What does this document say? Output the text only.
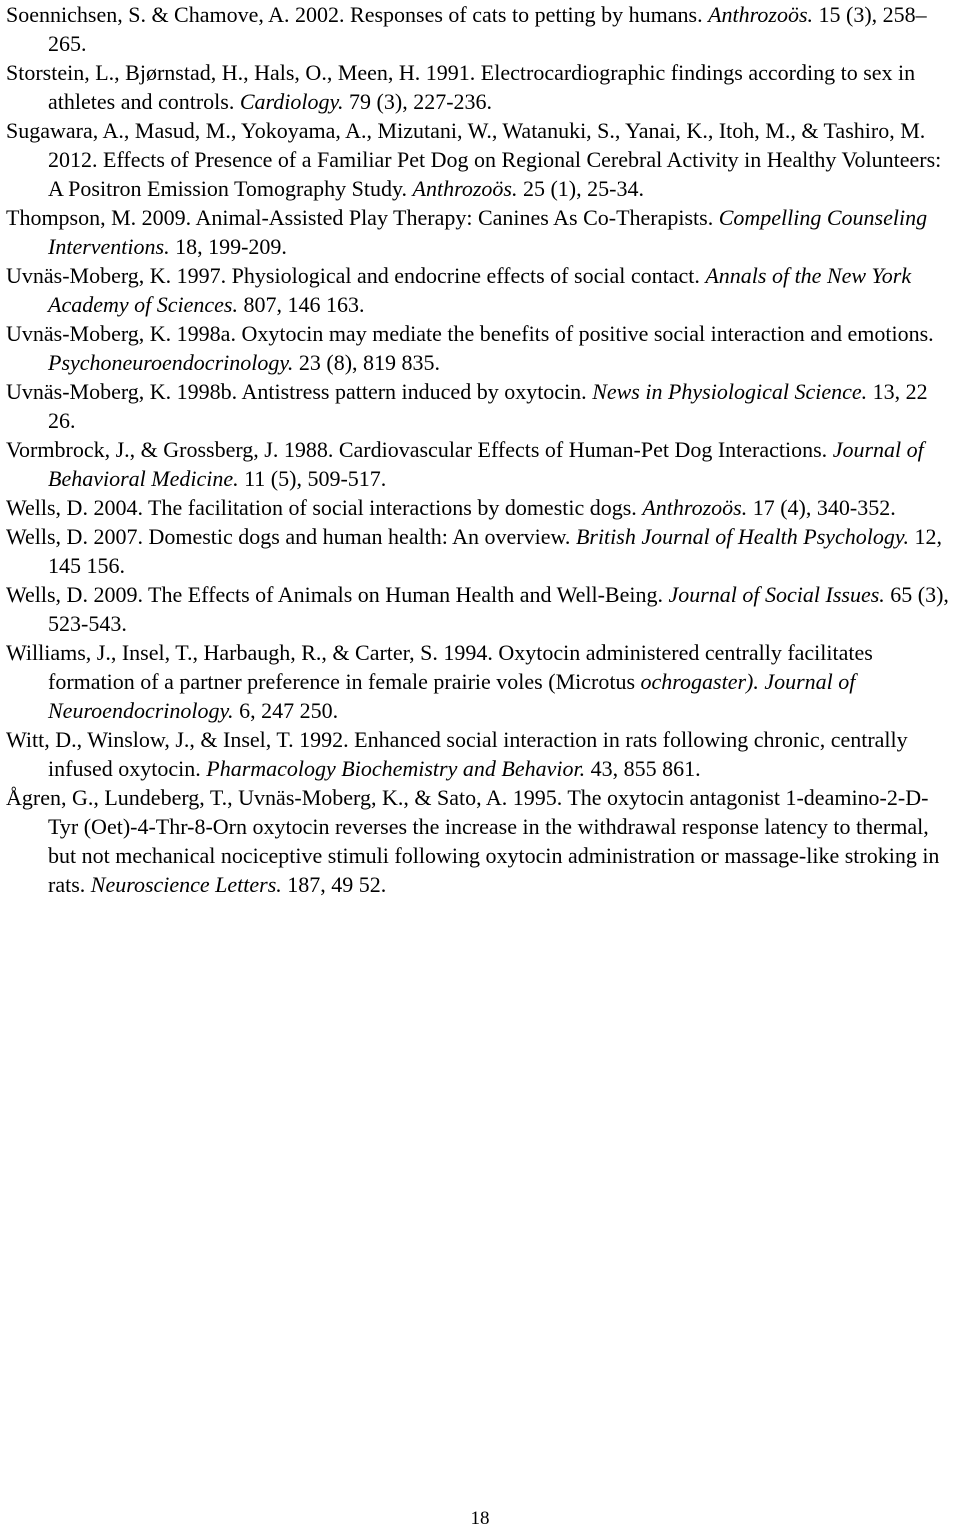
Soennichsen, S. & Chamove, A. 2002. Responses of cats to petting by humans. Anthrozoös. 15 (3), 258–265.

Storstein, L., Bjørnstad, H., Hals, O., Meen, H. 1991. Electrocardiographic findings according to sex in athletes and controls. Cardiology. 79 (3), 227-236.

Sugawara, A., Masud, M., Yokoyama, A., Mizutani, W., Watanuki, S., Yanai, K., Itoh, M., & Tashiro, M. 2012. Effects of Presence of a Familiar Pet Dog on Regional Cerebral Activity in Healthy Volunteers: A Positron Emission Tomography Study. Anthrozoös. 25 (1), 25-34.

Thompson, M. 2009. Animal-Assisted Play Therapy: Canines As Co-Therapists. Compelling Counseling Interventions. 18, 199-209.

Uvnäs-Moberg, K. 1997. Physiological and endocrine effects of social contact. Annals of the New York Academy of Sciences. 807, 146 163.

Uvnäs-Moberg, K. 1998a. Oxytocin may mediate the benefits of positive social interaction and emotions. Psychoneuroendocrinology. 23 (8), 819 835.

Uvnäs-Moberg, K. 1998b. Antistress pattern induced by oxytocin. News in Physiological Science. 13, 22 26.

Vormbrock, J., & Grossberg, J. 1988. Cardiovascular Effects of Human-Pet Dog Interactions. Journal of Behavioral Medicine. 11 (5), 509-517.

Wells, D. 2004. The facilitation of social interactions by domestic dogs. Anthrozoös. 17 (4), 340-352.

Wells, D. 2007. Domestic dogs and human health: An overview. British Journal of Health Psychology. 12, 145 156.

Wells, D. 2009. The Effects of Animals on Human Health and Well-Being. Journal of Social Issues. 65 (3), 523-543.

Williams, J., Insel, T., Harbaugh, R., & Carter, S. 1994. Oxytocin administered centrally facilitates formation of a partner preference in female prairie voles (Microtus ochrogaster). Journal of Neuroendocrinology. 6, 247 250.

Witt, D., Winslow, J., & Insel, T. 1992. Enhanced social interaction in rats following chronic, centrally infused oxytocin. Pharmacology Biochemistry and Behavior. 43, 855 861.

Ågren, G., Lundeberg, T., Uvnäs-Moberg, K., & Sato, A. 1995. The oxytocin antagonist 1-deamino-2-D-Tyr (Oet)-4-Thr-8-Orn oxytocin reverses the increase in the withdrawal response latency to thermal, but not mechanical nociceptive stimuli following oxytocin administration or massage-like stroking in rats. Neuroscience Letters. 187, 49 52.

18
